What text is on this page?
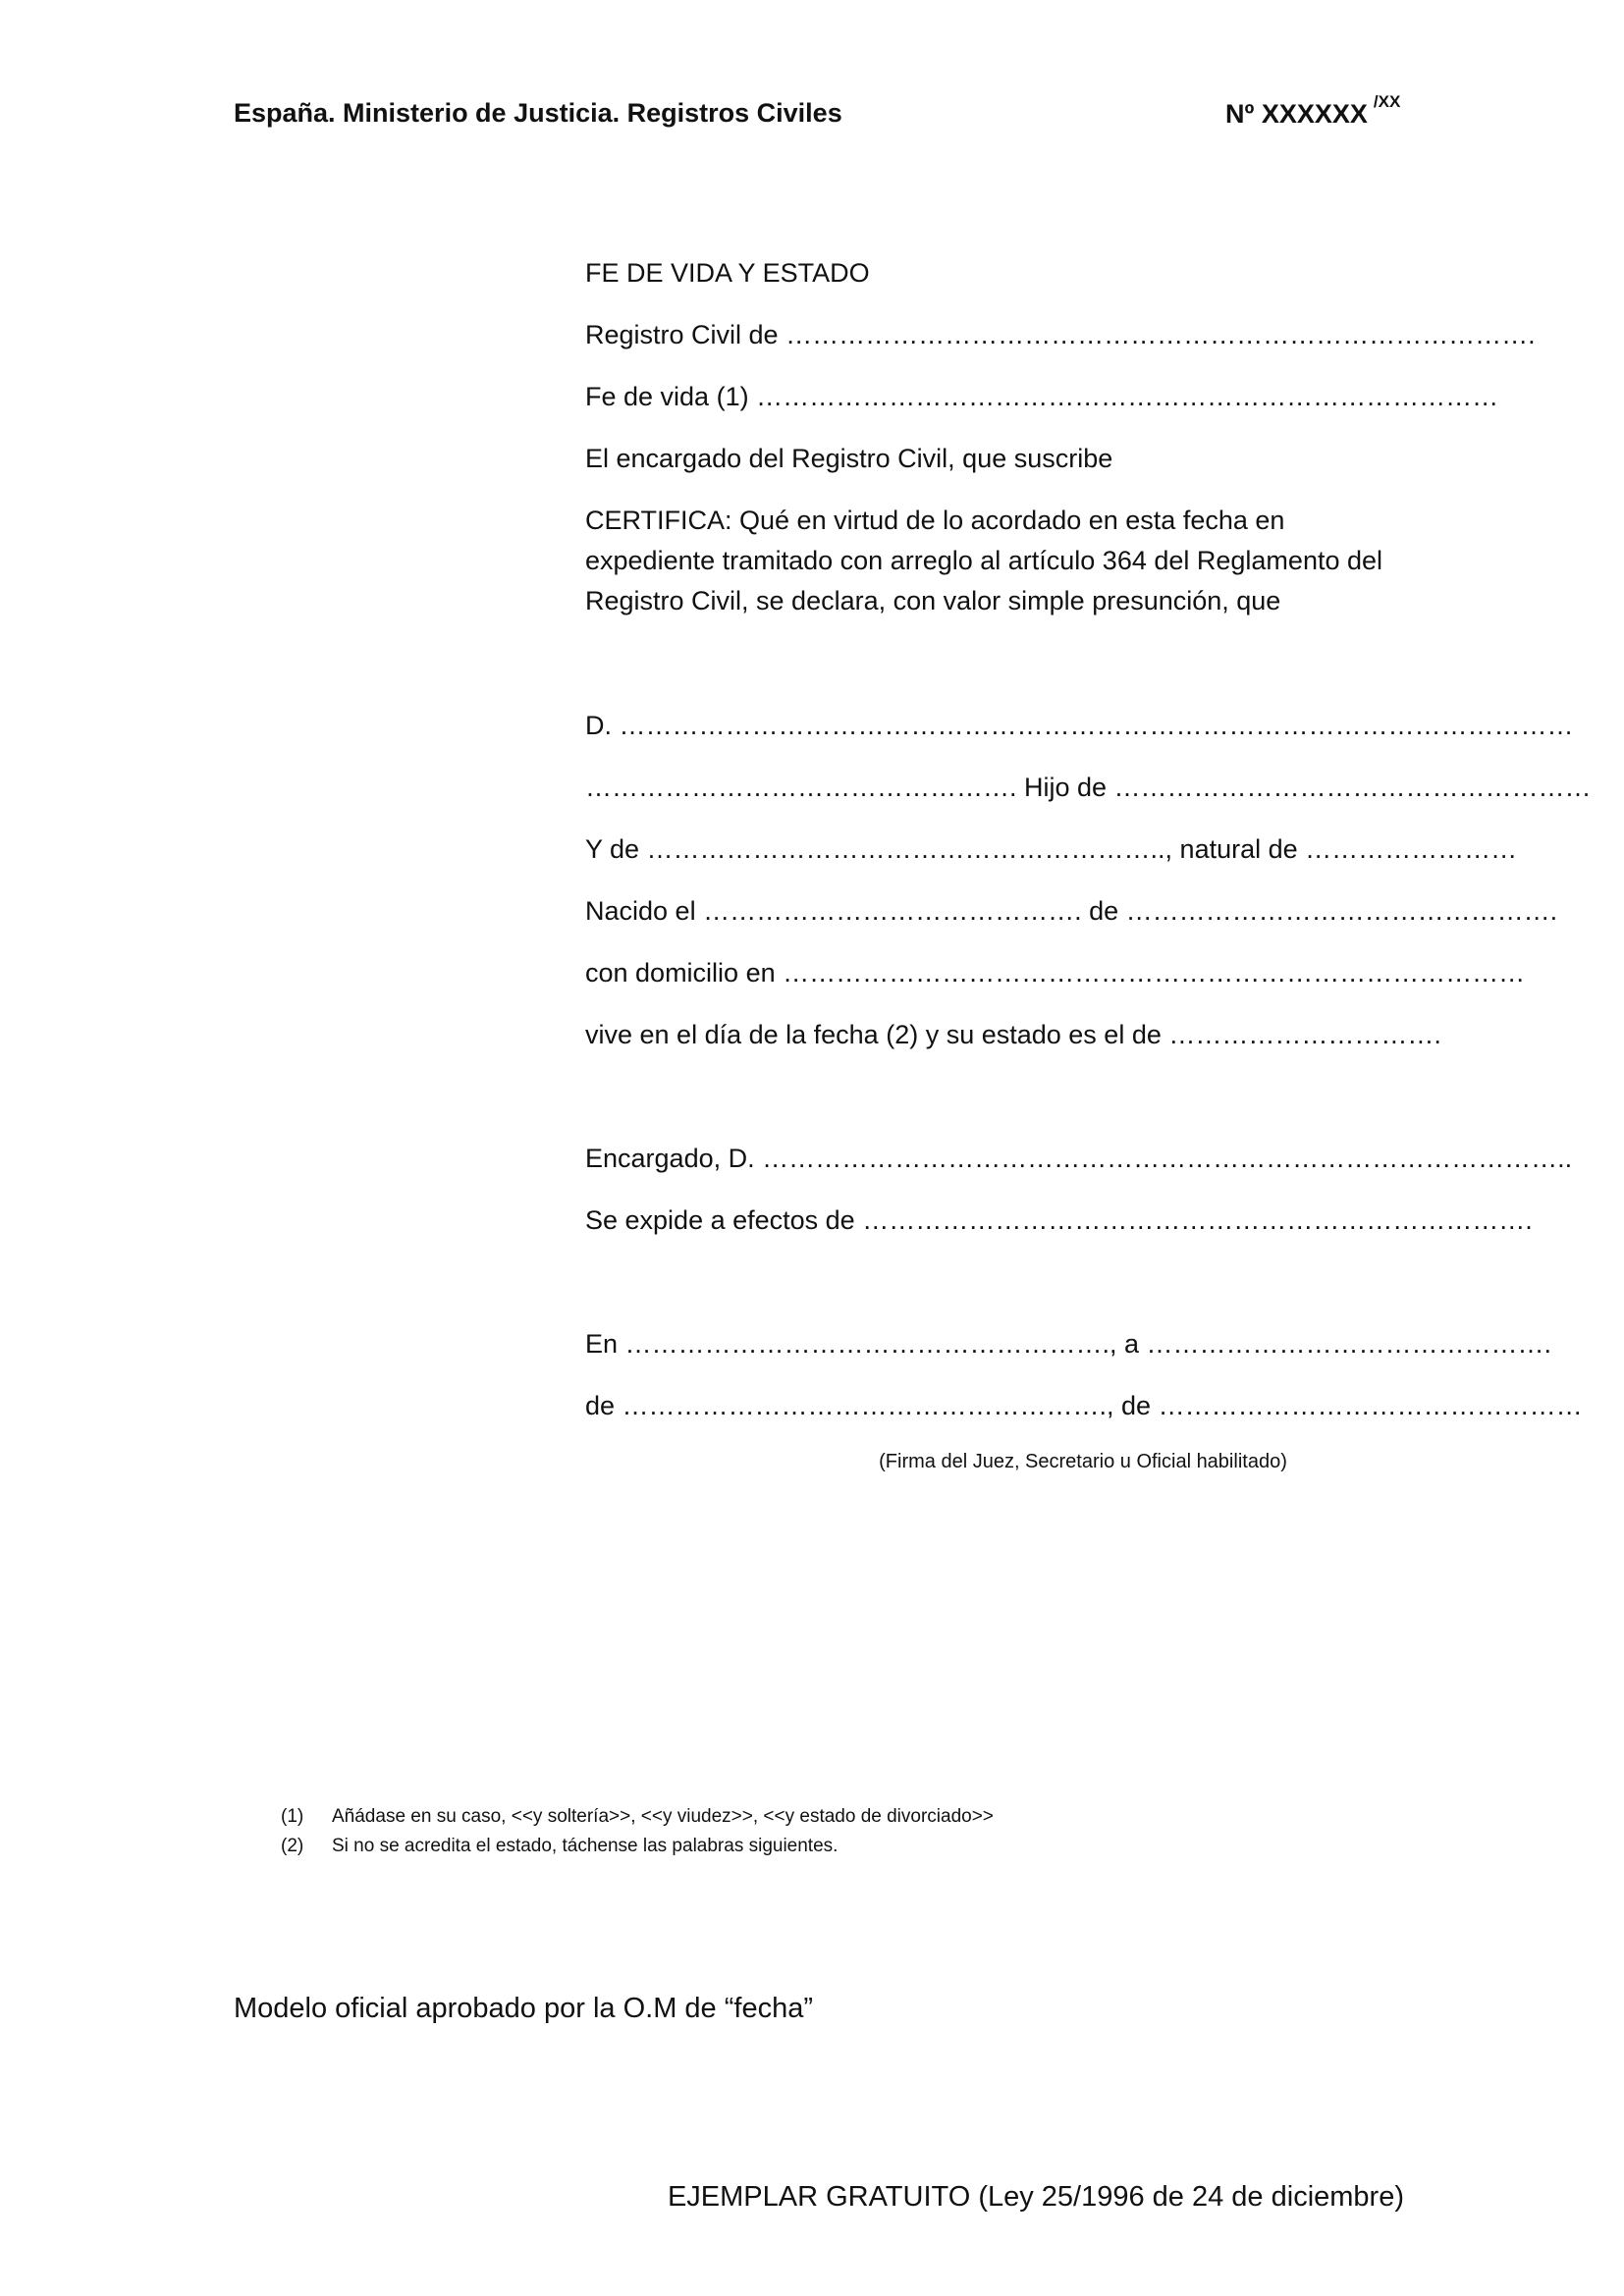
España. Ministerio de Justicia. Registros Civiles	Nº XXXXXX $^{/XX}$
FE DE VIDA Y ESTADO
Registro Civil de ………………………………………………………………………….
Fe de vida (1) …………………………………………………………………………
El encargado del Registro Civil, que suscribe
CERTIFICA: Qué en virtud de lo acordado en esta fecha en expediente tramitado con arreglo al artículo 364 del Reglamento del Registro Civil, se declara, con valor simple presunción, que
D. ………………………………………………………………………………………………
…………………………………………. Hijo de ………………………………………………
Y de ………………………………………………….., natural de ……………………
Nacido el ……………………………………. de ………………………………………….
con domicilio en …………………………………………………………………………
vive en el día de la fecha (2) y su estado es el de ………………………….
Encargado, D. ………………………………………………………………………………..
Se expide a efectos de ………………………………………………………………….
En ………………………………………………., a ……………………………………….
de ………………………………………………., de …………………………………………
(Firma del Juez, Secretario u Oficial habilitado)
(1) Añádase en su caso, <<y soltería>>, <<y viudez>>, <<y estado de divorciado>>
(2) Si no se acredita el estado, táchense las palabras siguientes.
Modelo oficial aprobado por la O.M de “fecha”
EJEMPLAR GRATUITO (Ley 25/1996 de 24 de diciembre)
